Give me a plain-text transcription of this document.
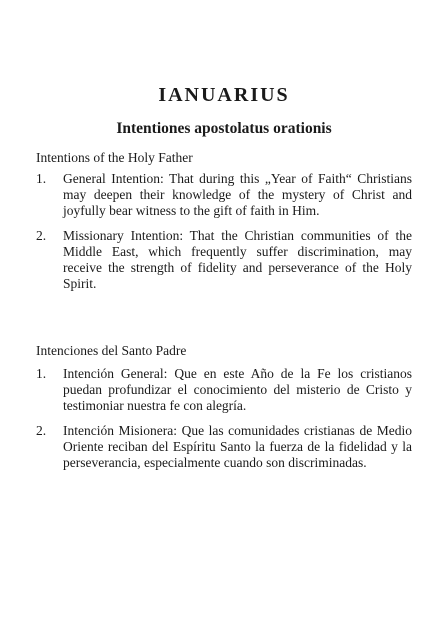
IANUARIUS
Intentiones apostolatus orationis

Intentions of the Holy Father

1. General Intention: That during this „Year of Faith“ Christians may deepen their knowledge of the mystery of Christ and joyfully bear witness to the gift of faith in Him.
2. Missionary Intention: That the Christian communities of the Middle East, which frequently suffer discrimination, may receive the strength of fidelity and perseverance of the Holy Spirit.

Intenciones del Santo Padre

1. Intención General: Que en este Año de la Fe los cristianos puedan profundizar el conocimiento del misterio de Cristo y testimoniar nuestra fe con alegría.
2. Intención Misionera: Que las comunidades cristianas de Medio Oriente reciban del Espíritu Santo la fuerza de la fidelidad y la perseverancia, especialmente cuando son discriminadas.
